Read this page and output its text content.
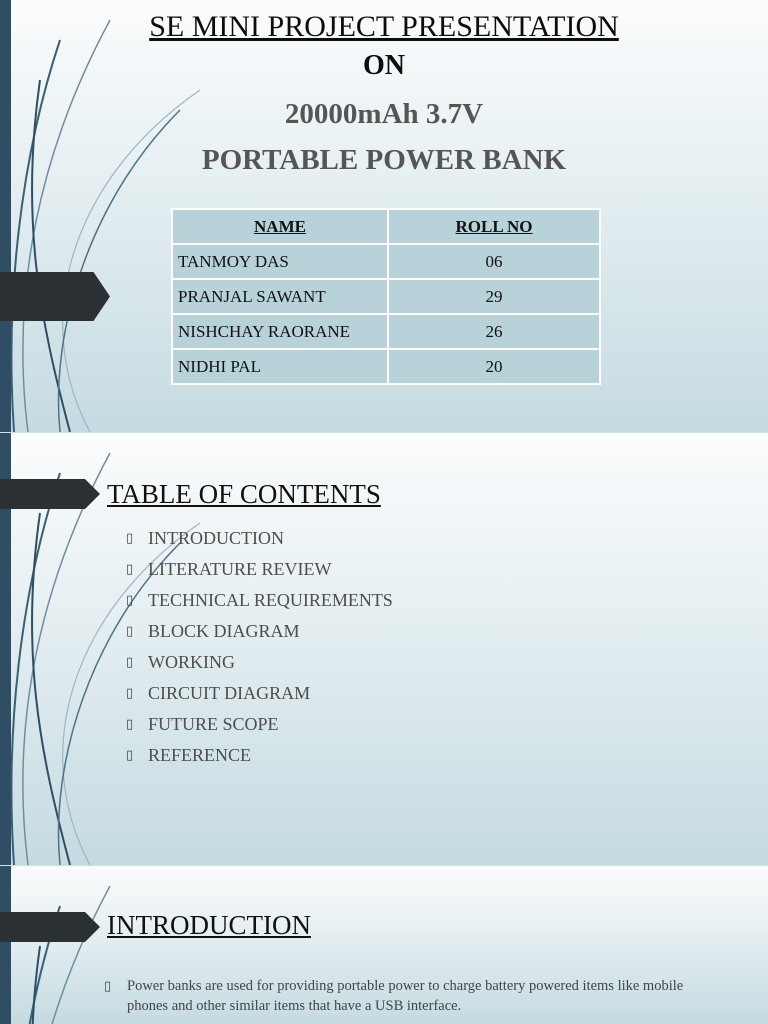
SE MINI PROJECT PRESENTATION
ON
20000mAh 3.7V
PORTABLE POWER BANK
NAME	ROLL NO
TANMOY DAS	06
PRANJAL SAWANT	29
NISHCHAY RAORANE	26
NIDHI PAL	20
TABLE OF CONTENTS
▯ INTRODUCTION
▯ LITERATURE REVIEW
▯ TECHNICAL REQUIREMENTS
▯ BLOCK DIAGRAM
▯ WORKING
▯ CIRCUIT DIAGRAM
▯ FUTURE SCOPE
▯ REFERENCE
INTRODUCTION
▯	Power banks are used for providing portable power to charge battery powered items like mobile phones and other similar items that have a USB interface.
